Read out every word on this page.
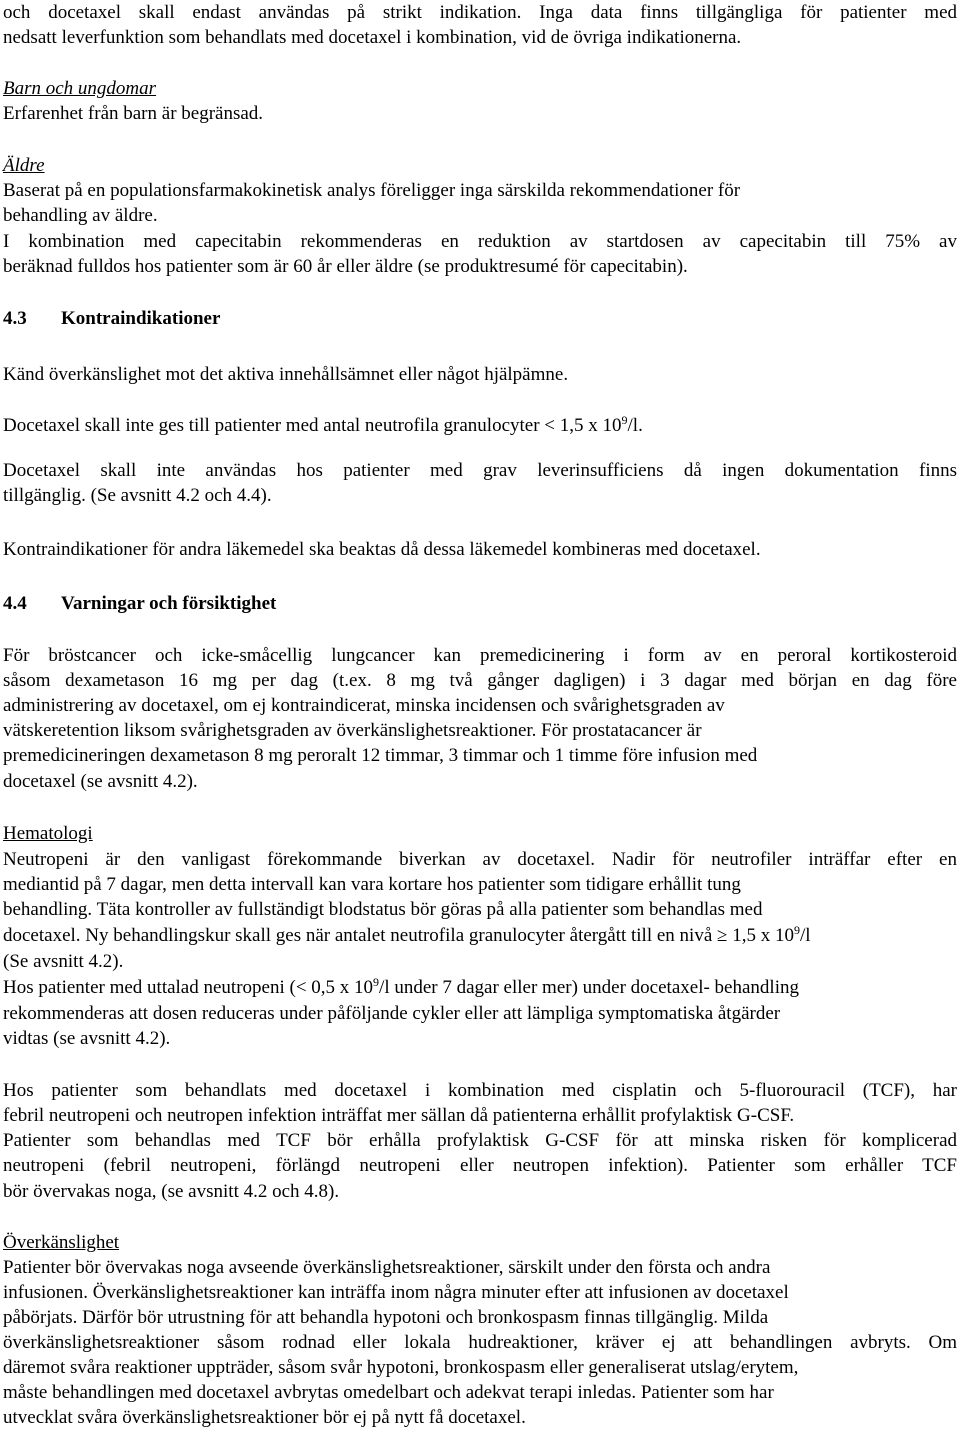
och docetaxel skall endast användas på strikt indikation. Inga data finns tillgängliga för patienter med
nedsatt leverfunktion som behandlats med docetaxel i kombination, vid de övriga indikationerna.
Barn och ungdomar
Erfarenhet från barn är begränsad.
Äldre
Baserat på en populationsfarmakokinetisk analys föreligger inga särskilda rekommendationer för
behandling av äldre.
I kombination med capecitabin rekommenderas en reduktion av startdosen av capecitabin till 75% av
beräknad fulldos hos patienter som är 60 år eller äldre (se produktresumé för capecitabin).
4.3 Kontraindikationer
Känd överkänslighet mot det aktiva innehållsämnet eller något hjälpämne.
Docetaxel skall inte ges till patienter med antal neutrofila granulocyter < 1,5 x $10^9/l$.
Docetaxel skall inte användas hos patienter med grav leverinsufficiens då ingen dokumentation finns
tillgänglig. (Se avsnitt 4.2 och 4.4).
Kontraindikationer för andra läkemedel ska beaktas då dessa läkemedel kombineras med docetaxel.
4.4 Varningar och försiktighet
För bröstcancer och icke-småcellig lungcancer kan premedicinering i form av en peroral kortikosteroid
såsom dexametason 16 mg per dag (t.ex. 8 mg två gånger dagligen) i 3 dagar med början en dag före
administrering av docetaxel, om ej kontraindicerat, minska incidensen och svårighetsgraden av
vätskeretention liksom svårighetsgraden av överkänslighetsreaktioner. För prostatacancer är
premedicineringen dexametason 8 mg peroralt 12 timmar, 3 timmar och 1 timme före infusion med
docetaxel (se avsnitt 4.2).
Hematologi
Neutropeni är den vanligast förekommande biverkan av docetaxel. Nadir för neutrofiler inträffar efter en
mediantid på 7 dagar, men detta intervall kan vara kortare hos patienter som tidigare erhållit tung
behandling. Täta kontroller av fullständigt blodstatus bör göras på alla patienter som behandlas med
docetaxel. Ny behandlingskur skall ges när antalet neutrofila granulocyter återgått till en nivå ≥ 1,5 x $10^9/l$
(Se avsnitt 4.2).
Hos patienter med uttalad neutropeni (< 0,5 x $10^9/l$ under 7 dagar eller mer) under docetaxel- behandling
rekommenderas att dosen reduceras under påföljande cykler eller att lämpliga symptomatiska åtgärder
vidtas (se avsnitt 4.2).
Hos patienter som behandlats med docetaxel i kombination med cisplatin och 5-fluorouracil (TCF), har
febril neutropeni och neutropen infektion inträffat mer sällan då patienterna erhållit profylaktisk G-CSF.
Patienter som behandlas med TCF bör erhålla profylaktisk G-CSF för att minska risken för komplicerad
neutropeni (febril neutropeni, förlängd neutropeni eller neutropen infektion). Patienter som erhåller TCF
bör övervakas noga, (se avsnitt 4.2 och 4.8).
Överkänslighet
Patienter bör övervakas noga avseende överkänslighetsreaktioner, särskilt under den första och andra
infusionen. Överkänslighetsreaktioner kan inträffa inom några minuter efter att infusionen av docetaxel
påbörjats. Därför bör utrustning för att behandla hypotoni och bronkospasm finnas tillgänglig. Milda
överkänslighetsreaktioner såsom rodnad eller lokala hudreaktioner, kräver ej att behandlingen avbryts. Om
däremot svåra reaktioner uppträder, såsom svår hypotoni, bronkospasm eller generaliserat utslag/erytem,
måste behandlingen med docetaxel avbrytas omedelbart och adekvat terapi inledas. Patienter som har
utvecklat svåra överkänslighetsreaktioner bör ej på nytt få docetaxel.
